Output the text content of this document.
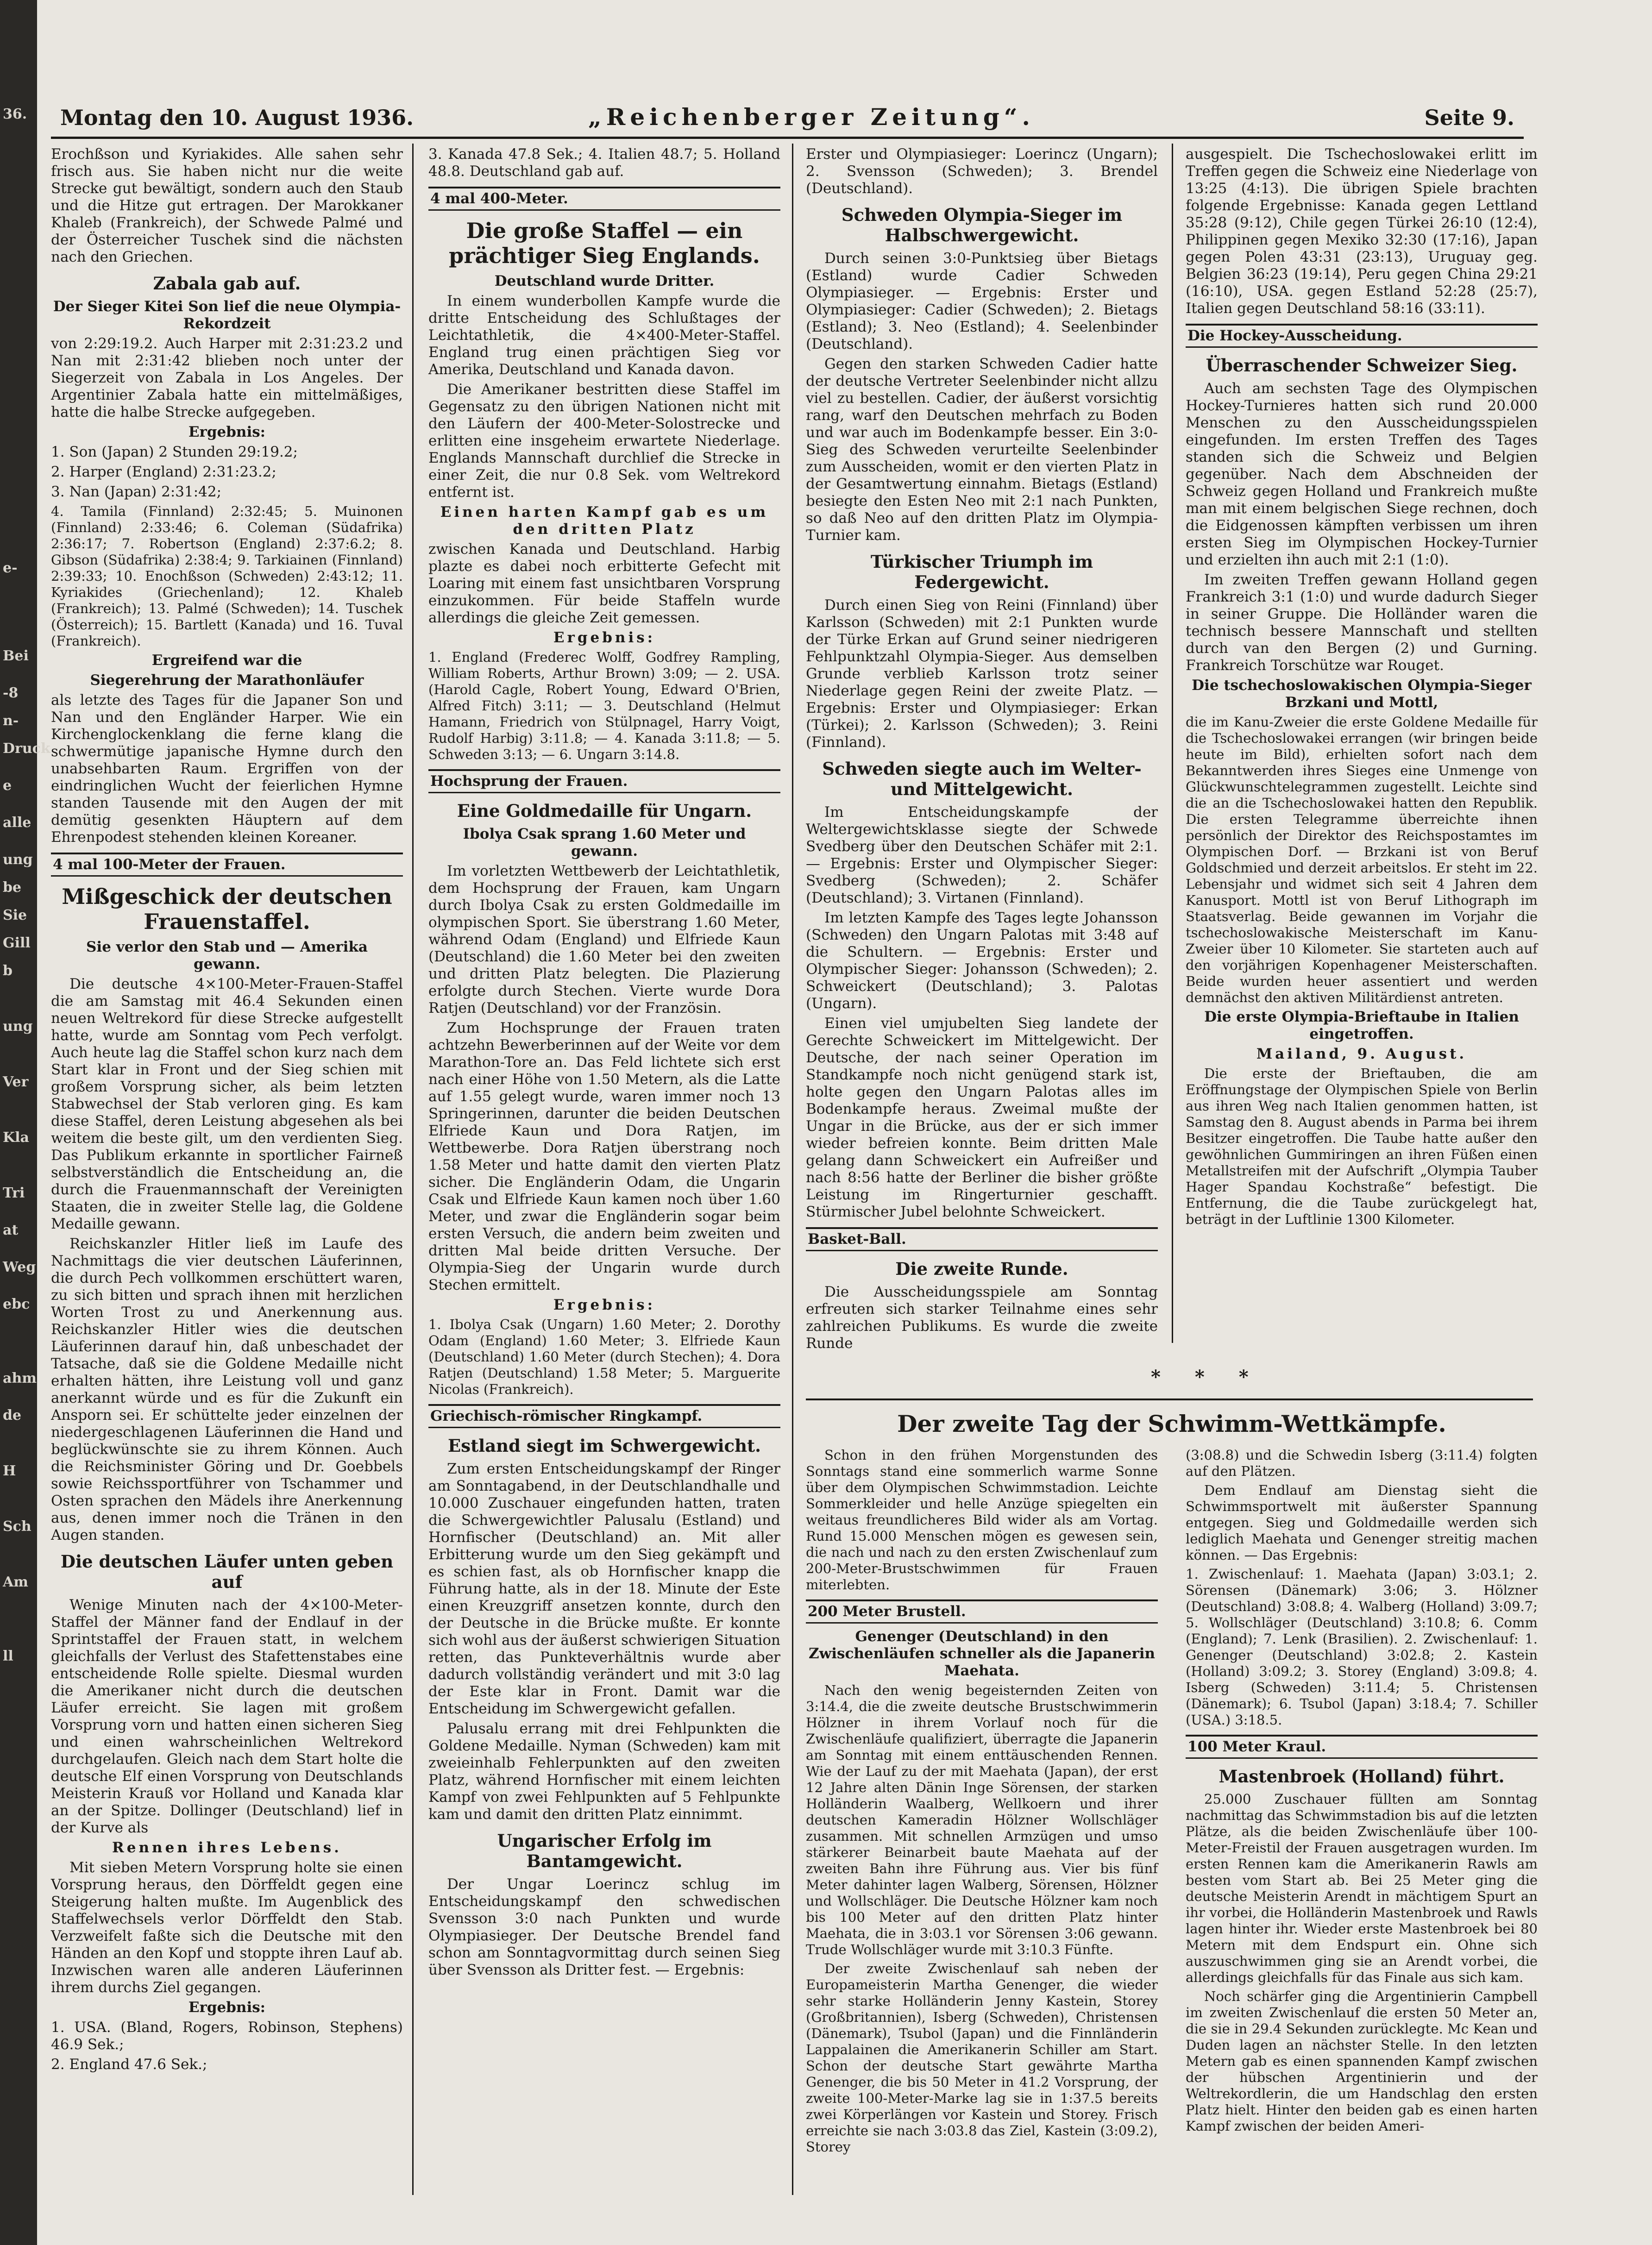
36.
e-
Bei
-8
n-
Druck
e
alle
ung
be
Sie
Gill
b
ung
Ver
Kla
Tri
at
Weg
ebc
ahm
de
H
Sch
Am
ll
Montag den 10. August 1936.	„Reichenberger Zeitung“.	Seite 9.

Erochßson und Kyriakides. Alle sahen sehr frisch aus. Sie haben nicht nur die weite Strecke gut bewältigt, sondern auch den Staub und die Hitze gut ertragen. Der Marokkaner Khaleb (Frankreich), der Schwede Palmé und der Österreicher Tuschek sind die nächsten nach den Griechen.

Zabala gab auf.
Der Sieger Kitei Son lief die neue Olympia-Rekordzeit

von 2:29:19.2. Auch Harper mit 2:31:23.2 und Nan mit 2:31:42 blieben noch unter der Siegerzeit von Zabala in Los Angeles. Der Argentinier Zabala hatte ein mittelmäßiges, hatte die halbe Strecke aufgegeben.

Ergebnis:

1. Son (Japan) 2 Stunden 29:19.2;

2. Harper (England) 2:31:23.2;

3. Nan (Japan) 2:31:42;

4. Tamila (Finnland) 2:32:45; 5. Muinonen (Finnland) 2:33:46; 6. Coleman (Südafrika) 2:36:17; 7. Robertson (England) 2:37:6.2; 8. Gibson (Südafrika) 2:38:4; 9. Tarkiainen (Finnland) 2:39:33; 10. Enochßson (Schweden) 2:43:12; 11. Kyriakides (Griechenland); 12. Khaleb (Frankreich); 13. Palmé (Schweden); 14. Tuschek (Österreich); 15. Bartlett (Kanada) und 16. Tuval (Frankreich).

Ergreifend war die
Siegerehrung der Marathonläufer

als letzte des Tages für die Japaner Son und Nan und den Engländer Harper. Wie ein Kirchenglockenklang die ferne klang die schwermütige japanische Hymne durch den unabsehbarten Raum. Ergriffen von der eindringlichen Wucht der feierlichen Hymne standen Tausende mit den Augen der mit demütig gesenkten Häuptern auf dem Ehrenpodest stehenden kleinen Koreaner.

4 mal 100-Meter der Frauen.
Mißgeschick der deutschen Frauenstaffel.
Sie verlor den Stab und — Amerika gewann.

Die deutsche 4×100-Meter-Frauen-Staffel die am Samstag mit 46.4 Sekunden einen neuen Weltrekord für diese Strecke aufgestellt hatte, wurde am Sonntag vom Pech verfolgt. Auch heute lag die Staffel schon kurz nach dem Start klar in Front und der Sieg schien mit großem Vorsprung sicher, als beim letzten Stabwechsel der Stab verloren ging. Es kam diese Staffel, deren Leistung abgesehen als bei weitem die beste gilt, um den verdienten Sieg. Das Publikum erkannte in sportlicher Fairneß selbstverständlich die Entscheidung an, die durch die Frauenmannschaft der Vereinigten Staaten, die in zweiter Stelle lag, die Goldene Medaille gewann.

Reichskanzler Hitler ließ im Laufe des Nachmittags die vier deutschen Läuferinnen, die durch Pech vollkommen erschüttert waren, zu sich bitten und sprach ihnen mit herzlichen Worten Trost zu und Anerkennung aus. Reichskanzler Hitler wies die deutschen Läuferinnen darauf hin, daß unbeschadet der Tatsache, daß sie die Goldene Medaille nicht erhalten hätten, ihre Leistung voll und ganz anerkannt würde und es für die Zukunft ein Ansporn sei. Er schüttelte jeder einzelnen der niedergeschlagenen Läuferinnen die Hand und beglückwünschte sie zu ihrem Können. Auch die Reichsminister Göring und Dr. Goebbels sowie Reichssportführer von Tschammer und Osten sprachen den Mädels ihre Anerkennung aus, denen immer noch die Tränen in den Augen standen.

Die deutschen Läufer unten geben auf

Wenige Minuten nach der 4×100-Meter-Staffel der Männer fand der Endlauf in der Sprintstaffel der Frauen statt, in welchem gleichfalls der Verlust des Stafettenstabes eine entscheidende Rolle spielte. Diesmal wurden die Amerikaner nicht durch die deutschen Läufer erreicht. Sie lagen mit großem Vorsprung vorn und hatten einen sicheren Sieg und einen wahrscheinlichen Weltrekord durchgelaufen. Gleich nach dem Start holte die deutsche Elf einen Vorsprung von Deutschlands Meisterin Krauß vor Holland und Kanada klar an der Spitze. Dollinger (Deutschland) lief in der Kurve als

Rennen ihres Lebens.

Mit sieben Metern Vorsprung holte sie einen Vorsprung heraus, den Dörffeldt gegen eine Steigerung halten mußte. Im Augenblick des Staffelwechsels verlor Dörffeldt den Stab. Verzweifelt faßte sich die Deutsche mit den Händen an den Kopf und stoppte ihren Lauf ab. Inzwischen waren alle anderen Läuferinnen ihrem durchs Ziel gegangen.

Ergebnis:

1. USA. (Bland, Rogers, Robinson, Stephens) 46.9 Sek.;

2. England 47.6 Sek.;

3. Kanada 47.8 Sek.; 4. Italien 48.7; 5. Holland 48.8. Deutschland gab auf.

4 mal 400-Meter.
Die große Staffel — ein prächtiger Sieg Englands.
Deutschland wurde Dritter.

In einem wunderbollen Kampfe wurde die dritte Entscheidung des Schlußtages der Leichtathletik, die 4×400-Meter-Staffel. England trug einen prächtigen Sieg vor Amerika, Deutschland und Kanada davon.

Die Amerikaner bestritten diese Staffel im Gegensatz zu den übrigen Nationen nicht mit den Läufern der 400-Meter-Solostrecke und erlitten eine insgeheim erwartete Niederlage. Englands Mannschaft durchlief die Strecke in einer Zeit, die nur 0.8 Sek. vom Weltrekord entfernt ist.

Einen harten Kampf gab es um den dritten Platz

zwischen Kanada und Deutschland. Harbig plazte es dabei noch erbitterte Gefecht mit Loaring mit einem fast unsichtbaren Vorsprung einzukommen. Für beide Staffeln wurde allerdings die gleiche Zeit gemessen.

Ergebnis:

1. England (Frederec Wolff, Godfrey Rampling, William Roberts, Arthur Brown) 3:09; — 2. USA. (Harold Cagle, Robert Young, Edward O'Brien, Alfred Fitch) 3:11; — 3. Deutschland (Helmut Hamann, Friedrich von Stülpnagel, Harry Voigt, Rudolf Harbig) 3:11.8; — 4. Kanada 3:11.8; — 5. Schweden 3:13; — 6. Ungarn 3:14.8.

Hochsprung der Frauen.
Eine Goldmedaille für Ungarn.
Ibolya Csak sprang 1.60 Meter und gewann.

Im vorletzten Wettbewerb der Leichtathletik, dem Hochsprung der Frauen, kam Ungarn durch Ibolya Csak zu ersten Goldmedaille im olympischen Sport. Sie überstrang 1.60 Meter, während Odam (England) und Elfriede Kaun (Deutschland) die 1.60 Meter bei den zweiten und dritten Platz belegten. Die Plazierung erfolgte durch Stechen. Vierte wurde Dora Ratjen (Deutschland) vor der Französin.

Zum Hochsprunge der Frauen traten achtzehn Bewerberinnen auf der Weite vor dem Marathon-Tore an. Das Feld lichtete sich erst nach einer Höhe von 1.50 Metern, als die Latte auf 1.55 gelegt wurde, waren immer noch 13 Springerinnen, darunter die beiden Deutschen Elfriede Kaun und Dora Ratjen, im Wettbewerbe. Dora Ratjen überstrang noch 1.58 Meter und hatte damit den vierten Platz sicher. Die Engländerin Odam, die Ungarin Csak und Elfriede Kaun kamen noch über 1.60 Meter, und zwar die Engländerin sogar beim ersten Versuch, die andern beim zweiten und dritten Mal beide dritten Versuche. Der Olympia-Sieg der Ungarin wurde durch Stechen ermittelt.

Ergebnis:

1. Ibolya Csak (Ungarn) 1.60 Meter; 2. Dorothy Odam (England) 1.60 Meter; 3. Elfriede Kaun (Deutschland) 1.60 Meter (durch Stechen); 4. Dora Ratjen (Deutschland) 1.58 Meter; 5. Marguerite Nicolas (Frankreich).

Griechisch-römischer Ringkampf.
Estland siegt im Schwergewicht.

Zum ersten Entscheidungskampf der Ringer am Sonntagabend, in der Deutschlandhalle und 10.000 Zuschauer eingefunden hatten, traten die Schwergewichtler Palusalu (Estland) und Hornfischer (Deutschland) an. Mit aller Erbitterung wurde um den Sieg gekämpft und es schien fast, als ob Hornfischer knapp die Führung hatte, als in der 18. Minute der Este einen Kreuzgriff ansetzen konnte, durch den der Deutsche in die Brücke mußte. Er konnte sich wohl aus der äußerst schwierigen Situation retten, das Punkteverhältnis wurde aber dadurch vollständig verändert und mit 3:0 lag der Este klar in Front. Damit war die Entscheidung im Schwergewicht gefallen.

Palusalu errang mit drei Fehlpunkten die Goldene Medaille. Nyman (Schweden) kam mit zweieinhalb Fehlerpunkten auf den zweiten Platz, während Hornfischer mit einem leichten Kampf von zwei Fehlpunkten auf 5 Fehlpunkte kam und damit den dritten Platz einnimmt.

Ungarischer Erfolg im Bantamgewicht.

Der Ungar Loerincz schlug im Entscheidungskampf den schwedischen Svensson 3:0 nach Punkten und wurde Olympiasieger. Der Deutsche Brendel fand schon am Sonntagvormittag durch seinen Sieg über Svensson als Dritter fest. — Ergebnis:

Erster und Olympiasieger: Loerincz (Ungarn); 2. Svensson (Schweden); 3. Brendel (Deutschland).

Schweden Olympia-Sieger im Halbschwergewicht.

Durch seinen 3:0-Punktsieg über Bietags (Estland) wurde Cadier Schweden Olympiasieger. — Ergebnis: Erster und Olympiasieger: Cadier (Schweden); 2. Bietags (Estland); 3. Neo (Estland); 4. Seelenbinder (Deutschland).

Gegen den starken Schweden Cadier hatte der deutsche Vertreter Seelenbinder nicht allzu viel zu bestellen. Cadier, der äußerst vorsichtig rang, warf den Deutschen mehrfach zu Boden und war auch im Bodenkampfe besser. Ein 3:0-Sieg des Schweden verurteilte Seelenbinder zum Ausscheiden, womit er den vierten Platz in der Gesamtwertung einnahm. Bietags (Estland) besiegte den Esten Neo mit 2:1 nach Punkten, so daß Neo auf den dritten Platz im Olympia-Turnier kam.

Türkischer Triumph im Federgewicht.

Durch einen Sieg von Reini (Finnland) über Karlsson (Schweden) mit 2:1 Punkten wurde der Türke Erkan auf Grund seiner niedrigeren Fehlpunktzahl Olympia-Sieger. Aus demselben Grunde verblieb Karlsson trotz seiner Niederlage gegen Reini der zweite Platz. — Ergebnis: Erster und Olympiasieger: Erkan (Türkei); 2. Karlsson (Schweden); 3. Reini (Finnland).

Schweden siegte auch im Welter- und Mittelgewicht.

Im Entscheidungskampfe der Weltergewichtsklasse siegte der Schwede Svedberg über den Deutschen Schäfer mit 2:1. — Ergebnis: Erster und Olympischer Sieger: Svedberg (Schweden); 2. Schäfer (Deutschland); 3. Virtanen (Finnland).

Im letzten Kampfe des Tages legte Johansson (Schweden) den Ungarn Palotas mit 3:48 auf die Schultern. — Ergebnis: Erster und Olympischer Sieger: Johansson (Schweden); 2. Schweickert (Deutschland); 3. Palotas (Ungarn).

Einen viel umjubelten Sieg landete der Gerechte Schweickert im Mittelgewicht. Der Deutsche, der nach seiner Operation im Standkampfe noch nicht genügend stark ist, holte gegen den Ungarn Palotas alles im Bodenkampfe heraus. Zweimal mußte der Ungar in die Brücke, aus der er sich immer wieder befreien konnte. Beim dritten Male gelang dann Schweickert ein Aufreißer und nach 8:56 hatte der Berliner die bisher größte Leistung im Ringerturnier geschafft. Stürmischer Jubel belohnte Schweickert.

Basket-Ball.
Die zweite Runde.

Die Ausscheidungsspiele am Sonntag erfreuten sich starker Teilnahme eines sehr zahlreichen Publikums. Es wurde die zweite Runde

ausgespielt. Die Tschechoslowakei erlitt im Treffen gegen die Schweiz eine Niederlage von 13:25 (4:13). Die übrigen Spiele brachten folgende Ergebnisse: Kanada gegen Lettland 35:28 (9:12), Chile gegen Türkei 26:10 (12:4), Philippinen gegen Mexiko 32:30 (17:16), Japan gegen Polen 43:31 (23:13), Uruguay geg. Belgien 36:23 (19:14), Peru gegen China 29:21 (16:10), USA. gegen Estland 52:28 (25:7), Italien gegen Deutschland 58:16 (33:11).

Die Hockey-Ausscheidung.
Überraschender Schweizer Sieg.

Auch am sechsten Tage des Olympischen Hockey-Turnieres hatten sich rund 20.000 Menschen zu den Ausscheidungsspielen eingefunden. Im ersten Treffen des Tages standen sich die Schweiz und Belgien gegenüber. Nach dem Abschneiden der Schweiz gegen Holland und Frankreich mußte man mit einem belgischen Siege rechnen, doch die Eidgenossen kämpften verbissen um ihren ersten Sieg im Olympischen Hockey-Turnier und erzielten ihn auch mit 2:1 (1:0).

Im zweiten Treffen gewann Holland gegen Frankreich 3:1 (1:0) und wurde dadurch Sieger in seiner Gruppe. Die Holländer waren die technisch bessere Mannschaft und stellten durch van den Bergen (2) und Gurning. Frankreich Torschütze war Rouget.

Die tschechoslowakischen Olympia-Sieger Brzkani und Mottl,

die im Kanu-Zweier die erste Goldene Medaille für die Tschechoslowakei errangen (wir bringen beide heute im Bild), erhielten sofort nach dem Bekanntwerden ihres Sieges eine Unmenge von Glückwunschtelegrammen zugestellt. Leichte sind die an die Tschechoslowakei hatten den Republik. Die ersten Telegramme überreichte ihnen persönlich der Direktor des Reichspostamtes im Olympischen Dorf. — Brzkani ist von Beruf Goldschmied und derzeit arbeitslos. Er steht im 22. Lebensjahr und widmet sich seit 4 Jahren dem Kanusport. Mottl ist von Beruf Lithograph im Staatsverlag. Beide gewannen im Vorjahr die tschechoslowakische Meisterschaft im Kanu-Zweier über 10 Kilometer. Sie starteten auch auf den vorjährigen Kopenhagener Meisterschaften. Beide wurden heuer assentiert und werden demnächst den aktiven Militärdienst antreten.

Die erste Olympia-Brieftaube in Italien eingetroffen.
Mailand, 9. August.

Die erste der Brieftauben, die am Eröffnungstage der Olympischen Spiele von Berlin aus ihren Weg nach Italien genommen hatten, ist Samstag den 8. August abends in Parma bei ihrem Besitzer eingetroffen. Die Taube hatte außer den gewöhnlichen Gummiringen an ihren Füßen einen Metallstreifen mit der Aufschrift „Olympia Tauber Hager Spandau Kochstraße“ befestigt. Die Entfernung, die die Taube zurückgelegt hat, beträgt in der Luftlinie 1300 Kilometer.

* * *
Der zweite Tag der Schwimm-Wettkämpfe.

Schon in den frühen Morgenstunden des Sonntags stand eine sommerlich warme Sonne über dem Olympischen Schwimmstadion. Leichte Sommerkleider und helle Anzüge spiegelten ein weitaus freundlicheres Bild wider als am Vortag. Rund 15.000 Menschen mögen es gewesen sein, die nach und nach zu den ersten Zwischenlauf zum 200-Meter-Brustschwimmen für Frauen miterlebten.

200 Meter Brustell.
Genenger (Deutschland) in den Zwischenläufen schneller als die Japanerin Maehata.

Nach den wenig begeisternden Zeiten von 3:14.4, die die zweite deutsche Brustschwimmerin Hölzner in ihrem Vorlauf noch für die Zwischenläufe qualifiziert, überragte die Japanerin am Sonntag mit einem enttäuschenden Rennen. Wie der Lauf zu der mit Maehata (Japan), der erst 12 Jahre alten Dänin Inge Sörensen, der starken Holländerin Waalberg, Wellkoern und ihrer deutschen Kameradin Hölzner Wollschläger zusammen. Mit schnellen Armzügen und umso stärkerer Beinarbeit baute Maehata auf der zweiten Bahn ihre Führung aus. Vier bis fünf Meter dahinter lagen Walberg, Sörensen, Hölzner und Wollschläger. Die Deutsche Hölzner kam noch bis 100 Meter auf den dritten Platz hinter Maehata, die in 3:03.1 vor Sörensen 3:06 gewann. Trude Wollschläger wurde mit 3:10.3 Fünfte.

Der zweite Zwischenlauf sah neben der Europameisterin Martha Genenger, die wieder sehr starke Holländerin Jenny Kastein, Storey (Großbritannien), Isberg (Schweden), Christensen (Dänemark), Tsubol (Japan) und die Finnländerin Lappalainen die Amerikanerin Schiller am Start. Schon der deutsche Start gewährte Martha Genenger, die bis 50 Meter in 41.2 Vorsprung, der zweite 100-Meter-Marke lag sie in 1:37.5 bereits zwei Körperlängen vor Kastein und Storey. Frisch erreichte sie nach 3:03.8 das Ziel, Kastein (3:09.2), Storey

(3:08.8) und die Schwedin Isberg (3:11.4) folgten auf den Plätzen.

Dem Endlauf am Dienstag sieht die Schwimmsportwelt mit äußerster Spannung entgegen. Sieg und Goldmedaille werden sich lediglich Maehata und Genenger streitig machen können. — Das Ergebnis:

1. Zwischenlauf: 1. Maehata (Japan) 3:03.1; 2. Sörensen (Dänemark) 3:06; 3. Hölzner (Deutschland) 3:08.8; 4. Walberg (Holland) 3:09.7; 5. Wollschläger (Deutschland) 3:10.8; 6. Comm (England); 7. Lenk (Brasilien). 2. Zwischenlauf: 1. Genenger (Deutschland) 3:02.8; 2. Kastein (Holland) 3:09.2; 3. Storey (England) 3:09.8; 4. Isberg (Schweden) 3:11.4; 5. Christensen (Dänemark); 6. Tsubol (Japan) 3:18.4; 7. Schiller (USA.) 3:18.5.

100 Meter Kraul.
Mastenbroek (Holland) führt.

25.000 Zuschauer füllten am Sonntag nachmittag das Schwimmstadion bis auf die letzten Plätze, als die beiden Zwischenläufe über 100-Meter-Freistil der Frauen ausgetragen wurden. Im ersten Rennen kam die Amerikanerin Rawls am besten vom Start ab. Bei 25 Meter ging die deutsche Meisterin Arendt in mächtigem Spurt an ihr vorbei, die Holländerin Mastenbroek und Rawls lagen hinter ihr. Wieder erste Mastenbroek bei 80 Metern mit dem Endspurt ein. Ohne sich auszuschwimmen ging sie an Arendt vorbei, die allerdings gleichfalls für das Finale aus sich kam.

Noch schärfer ging die Argentinierin Campbell im zweiten Zwischenlauf die ersten 50 Meter an, die sie in 29.4 Sekunden zurücklegte. Mc Kean und Duden lagen an nächster Stelle. In den letzten Metern gab es einen spannenden Kampf zwischen der hübschen Argentinierin und der Weltrekordlerin, die um Handschlag den ersten Platz hielt. Hinter den beiden gab es einen harten Kampf zwischen der beiden Ameri-
